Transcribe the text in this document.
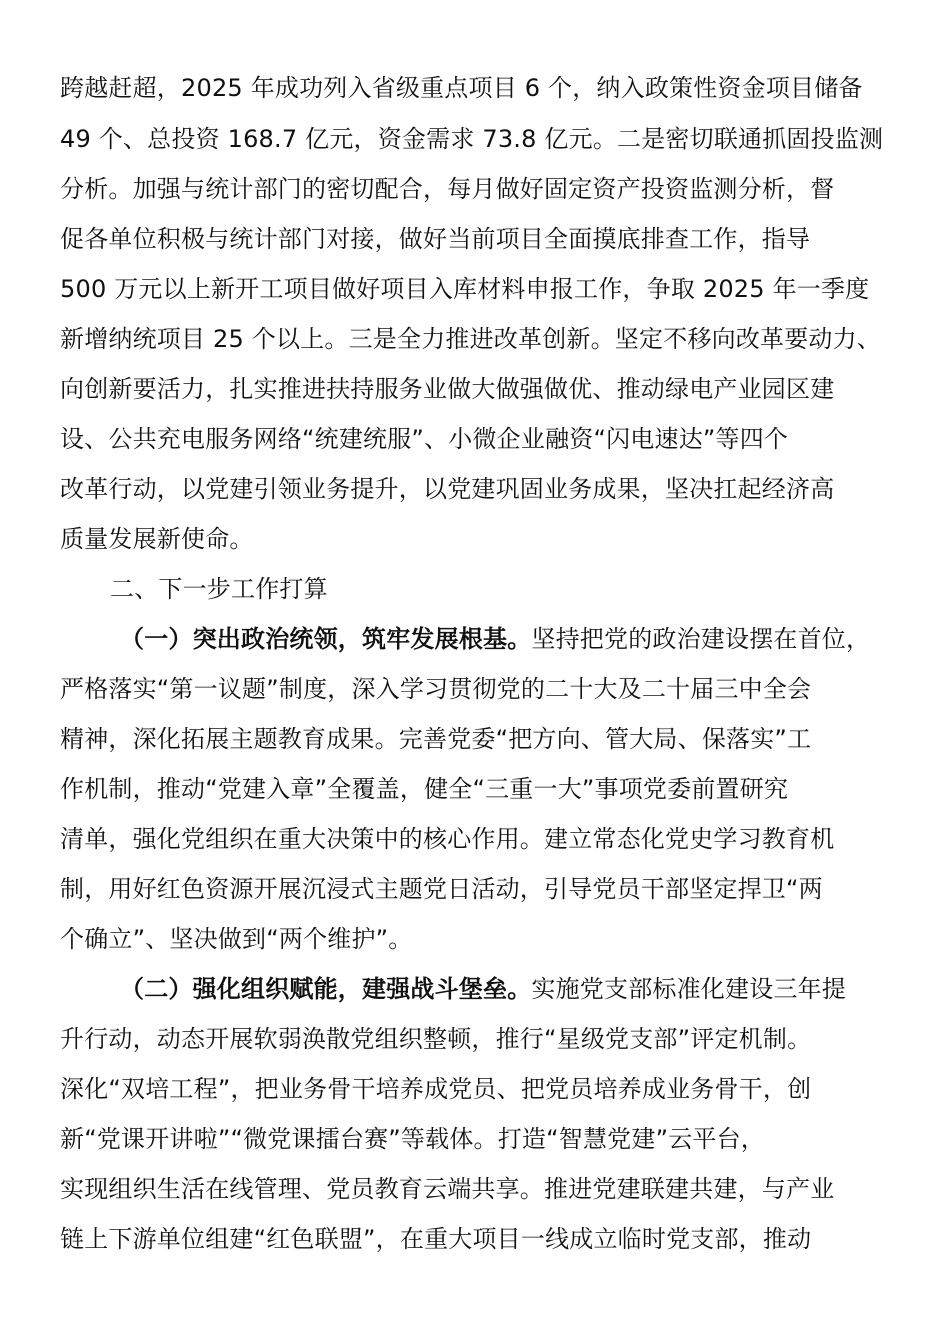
跨越赶超，2025 年成功列入省级重点项目 6 个，纳入政策性资金项目储备
49 个、总投资 168.7 亿元，资金需求 73.8 亿元。二是密切联通抓固投监测
分析。加强与统计部门的密切配合，每月做好固定资产投资监测分析，督
促各单位积极与统计部门对接，做好当前项目全面摸底排查工作，指导
500 万元以上新开工项目做好项目入库材料申报工作，争取 2025 年一季度
新增纳统项目 25 个以上。三是全力推进改革创新。坚定不移向改革要动力、
向创新要活力，扎实推进扶持服务业做大做强做优、推动绿电产业园区建
设、公共充电服务网络“统建统服”、小微企业融资“闪电速达”等四个
改革行动，以党建引领业务提升，以党建巩固业务成果，坚决扛起经济高
质量发展新使命。
二、下一步工作打算
（一）突出政治统领，筑牢发展根基。坚持把党的政治建设摆在首位，
严格落实“第一议题”制度，深入学习贯彻党的二十大及二十届三中全会
精神，深化拓展主题教育成果。完善党委“把方向、管大局、保落实”工
作机制，推动“党建入章”全覆盖，健全“三重一大”事项党委前置研究
清单，强化党组织在重大决策中的核心作用。建立常态化党史学习教育机
制，用好红色资源开展沉浸式主题党日活动，引导党员干部坚定捍卫“两
个确立”、坚决做到“两个维护”。
（二）强化组织赋能，建强战斗堡垒。实施党支部标准化建设三年提
升行动，动态开展软弱涣散党组织整顿，推行“星级党支部”评定机制。
深化“双培工程”，把业务骨干培养成党员、把党员培养成业务骨干，创
新“党课开讲啦”“微党课擂台赛”等载体。打造“智慧党建”云平台，
实现组织生活在线管理、党员教育云端共享。推进党建联建共建，与产业
链上下游单位组建“红色联盟”，在重大项目一线成立临时党支部，推动
